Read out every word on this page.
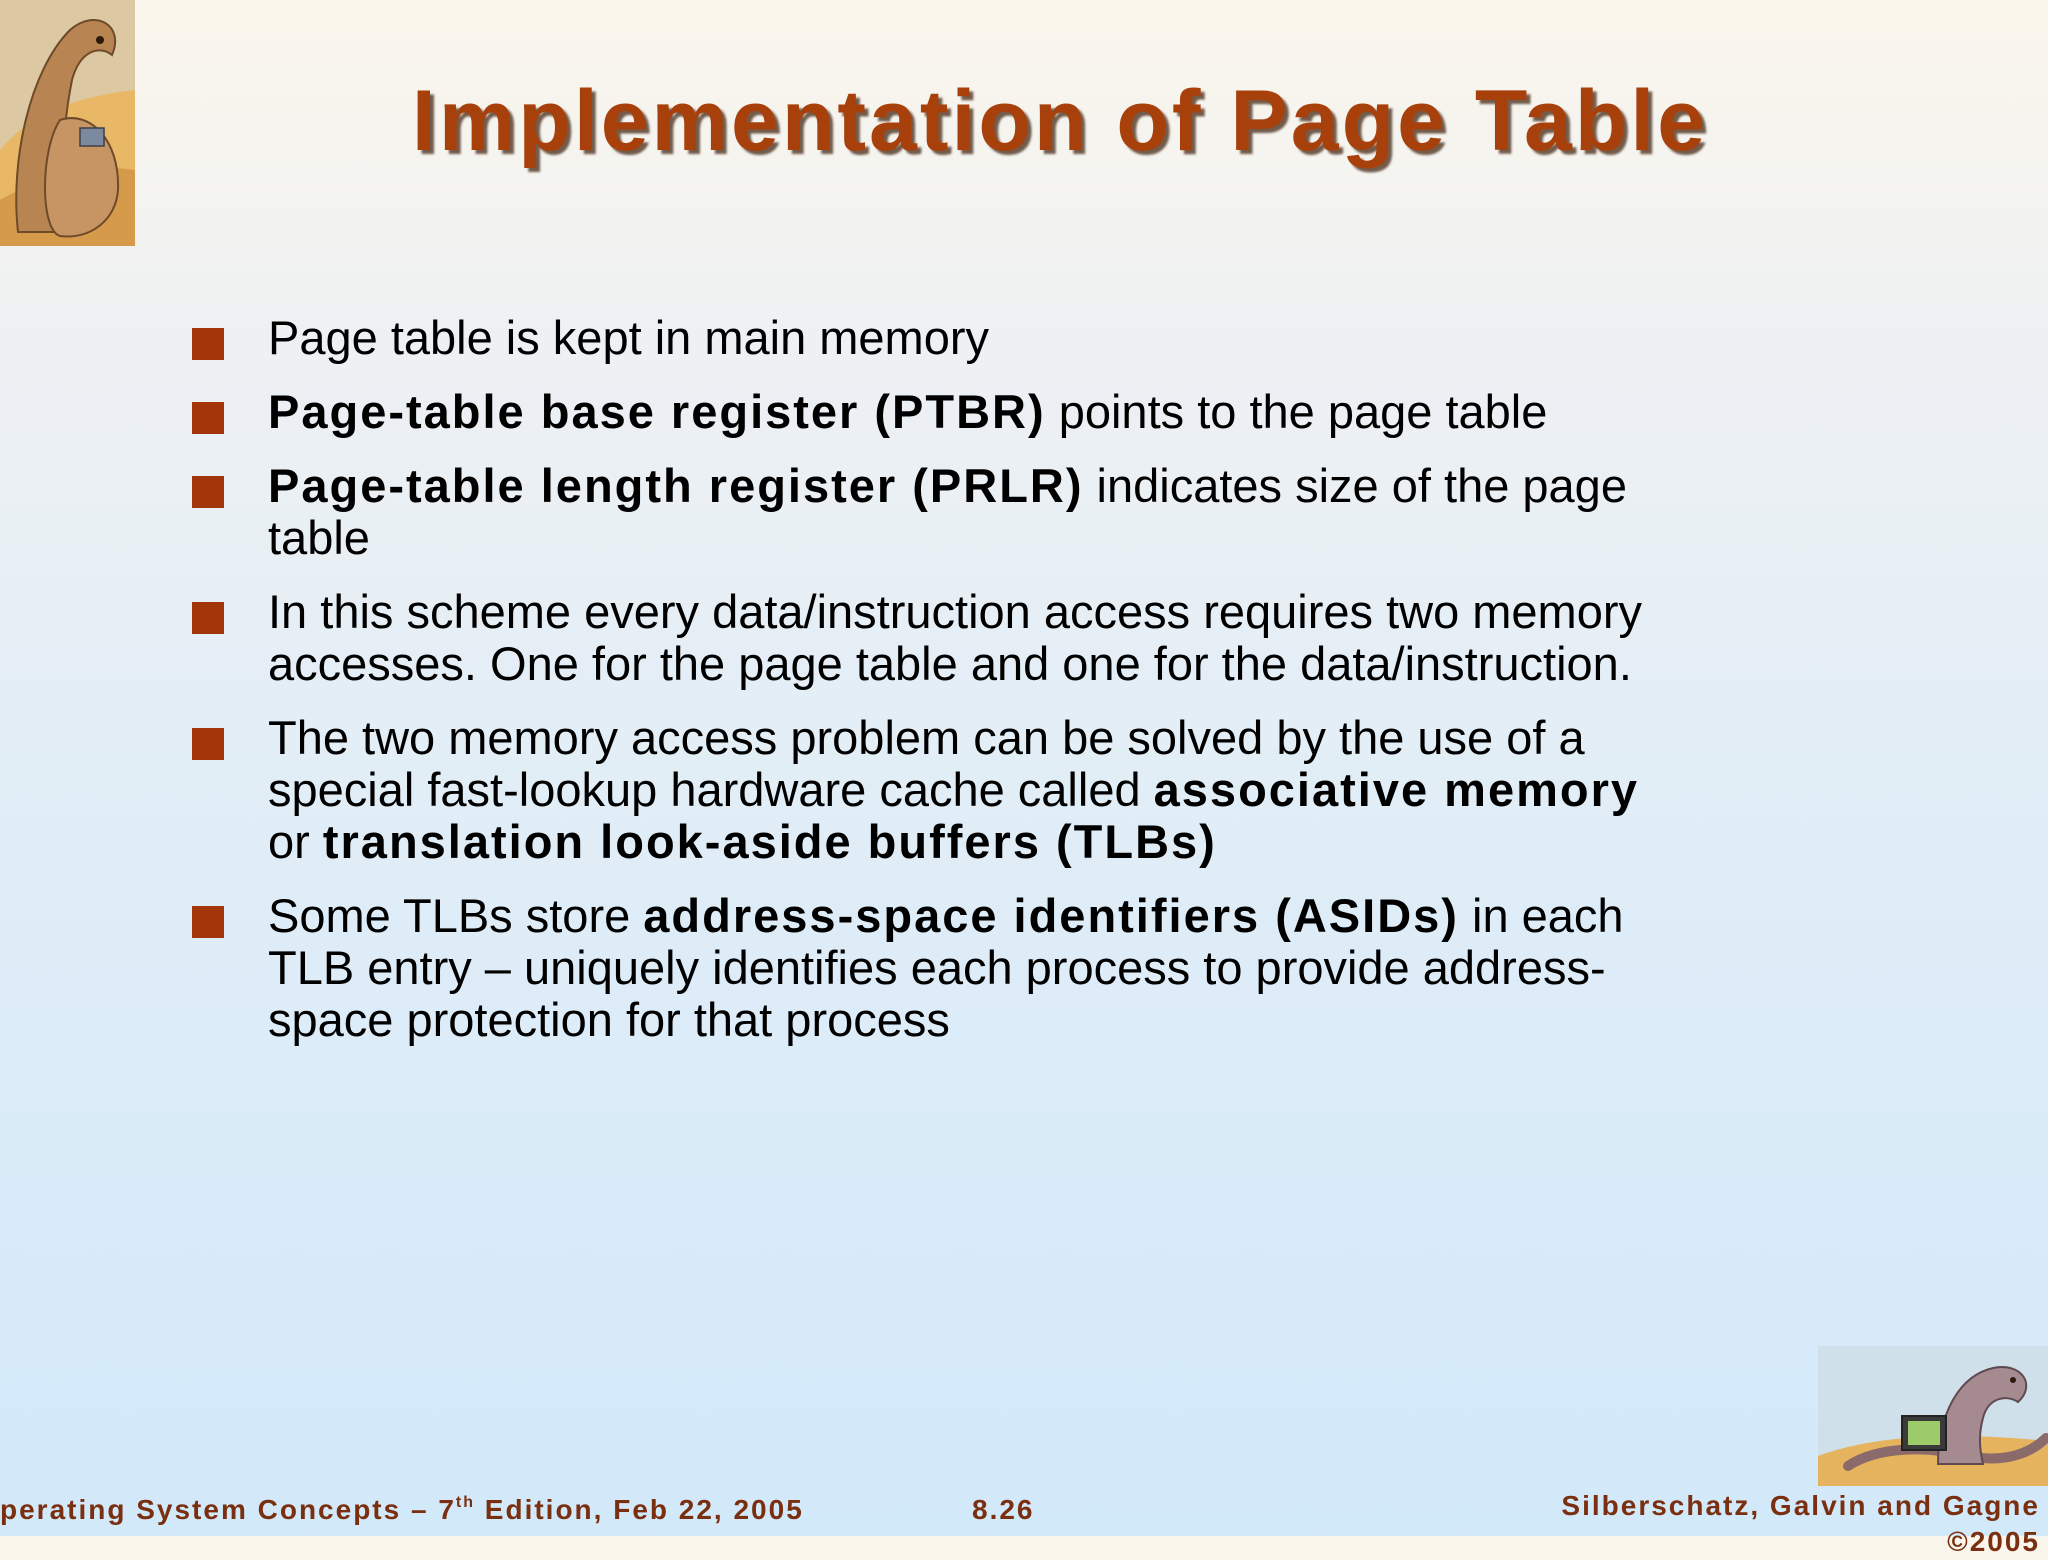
Implementation of Page Table
Page table is kept in main memory
Page-table base register (PTBR) points to the page table
Page-table length register (PRLR) indicates size of the page table
In this scheme every data/instruction access requires two memory accesses. One for the page table and one for the data/instruction.
The two memory access problem can be solved by the use of a special fast-lookup hardware cache called associative memory or translation look-aside buffers (TLBs)
Some TLBs store address-space identifiers (ASIDs) in each TLB entry – uniquely identifies each process to provide address-space protection for that process
perating System Concepts – 7th Edition, Feb 22, 2005	8.26	Silberschatz, Galvin and Gagne ©2005
